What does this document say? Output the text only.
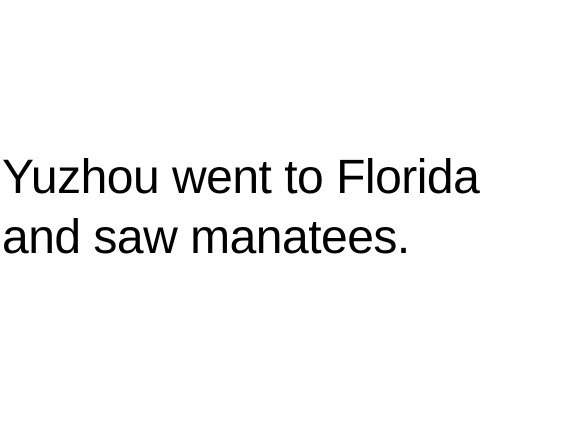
Yuzhou went to Florida
and saw manatees.
